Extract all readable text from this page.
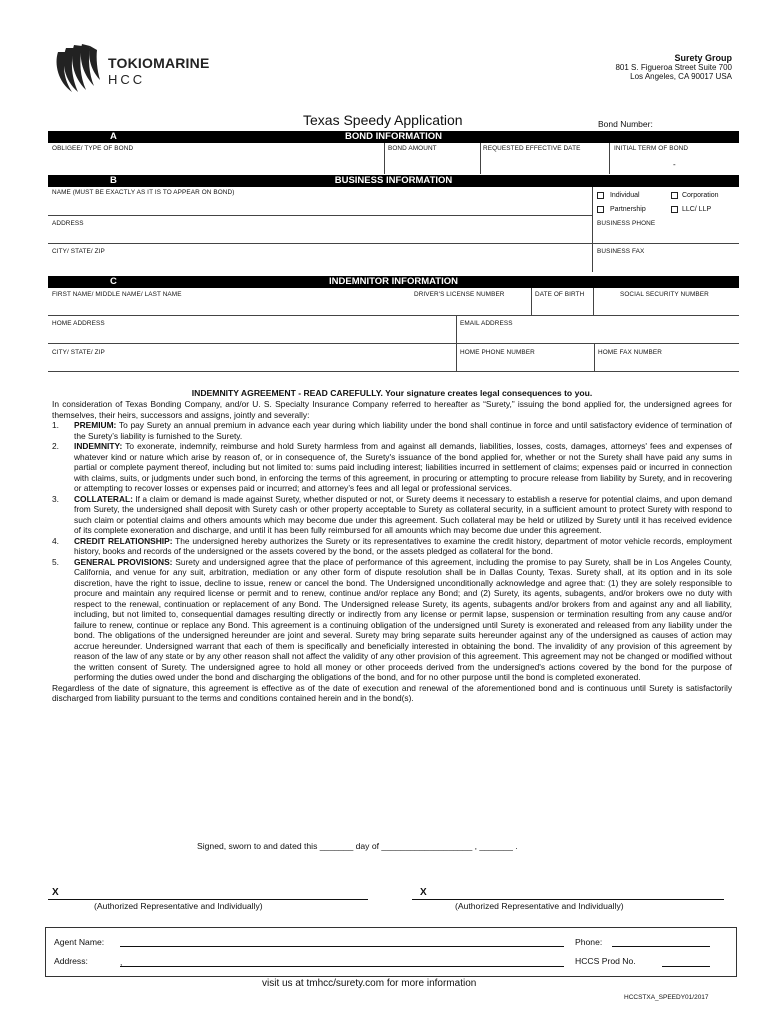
TOKIOMARINE
HCC
Surety Group
801 S. Figueroa Street Suite 700
Los Angeles, CA 90017 USA
Texas Speedy Application	Bond Number:
A	BOND INFORMATION
OBLIGEE/ TYPE OF BOND	BOND AMOUNT	REQUESTED EFFECTIVE DATE	INITIAL TERM OF BOND
-
B	BUSINESS INFORMATION
NAME (MUST BE EXACTLY AS IT IS TO APPEAR ON BOND)	Individual	Corporation
Partnership	LLC/ LLP
ADDRESS	BUSINESS PHONE
CITY/ STATE/ ZIP	BUSINESS FAX
C	INDEMNITOR INFORMATION
FIRST NAME/ MIDDLE NAME/ LAST NAME	DRIVER'S LICENSE NUMBER	DATE OF BIRTH	SOCIAL SECURITY NUMBER
HOME ADDRESS	EMAIL ADDRESS
CITY/ STATE/ ZIP	HOME PHONE NUMBER	HOME FAX NUMBER
INDEMNITY AGREEMENT - READ CAREFULLY. Your signature creates legal consequences to you.
In consideration of Texas Bonding Company, and/or U. S. Specialty Insurance Company referred to hereafter as “Surety,” issuing the bond applied for, the undersigned agrees for themselves, their heirs, successors and assigns, jointly and severally:
1. PREMIUM: To pay Surety an annual premium in advance each year during which liability under the bond shall continue in force and until satisfactory evidence of termination of the Surety’s liability is furnished to the Surety.
2. INDEMNITY: To exonerate, indemnify, reimburse and hold Surety harmless from and against all demands, liabilities, losses, costs, damages, attorneys' fees and expenses of whatever kind or nature which arise by reason of, or in consequence of, the Surety's issuance of the bond applied for, whether or not the Surety shall have paid any sums in partial or complete payment thereof, including but not limited to: sums paid including interest; liabilities incurred in settlement of claims; expenses paid or incurred in connection with claims, suits, or judgments under such bond, in enforcing the terms of this agreement, in procuring or attempting to procure release from liability by Surety, and in recovering or attempting to recover losses or expenses paid or incurred; and attorney’s fees and all legal or professional services.
3. COLLATERAL: If a claim or demand is made against Surety, whether disputed or not, or Surety deems it necessary to establish a reserve for potential claims, and upon demand from Surety, the undersigned shall deposit with Surety cash or other property acceptable to Surety as collateral security, in a sufficient amount to protect Surety with respond to such claim or potential claims and others amounts which may become due under this agreement. Such collateral may be held or utilized by Surety until it has received evidence of its complete exoneration and discharge, and until it has been fully reimbursed for all amounts which may become due under this agreement.
4. CREDIT RELATIONSHIP: The undersigned hereby authorizes the Surety or its representatives to examine the credit history, department of motor vehicle records, employment history, books and records of the undersigned or the assets covered by the bond, or the assets pledged as collateral for the bond.
5. GENERAL PROVISIONS: Surety and undersigned agree that the place of performance of this agreement, including the promise to pay Surety, shall be in Los Angeles County, California, and venue for any suit, arbitration, mediation or any other form of dispute resolution shall be in Dallas County, Texas. Surety shall, at its option and in its sole discretion, have the right to issue, decline to issue, renew or cancel the bond. The Undersigned unconditionally acknowledge and agree that: (1) they are solely responsible to procure and maintain any required license or permit and to renew, continue and/or replace any Bond; and (2) Surety, its agents, subagents, and/or brokers owe no duty with respect to the renewal, continuation or replacement of any Bond. The Undersigned release Surety, its agents, subagents and/or brokers from and against any and all liability, including, but not limited to, consequential damages resulting directly or indirectly from any license or permit lapse, suspension or termination resulting from any cause and/or failure to renew, continue or replace any Bond. This agreement is a continuing obligation of the undersigned until Surety is exonerated and released from any liability under the bond. The obligations of the undersigned hereunder are joint and several. Surety may bring separate suits hereunder against any of the undersigned as causes of action may accrue hereunder. Undersigned warrant that each of them is specifically and beneficially interested in obtaining the bond. The invalidity of any provision of this agreement by reason of the law of any state or by any other reason shall not affect the validity of any other provision of this agreement. This agreement may not be changed or modified without the written consent of Surety. The undersigned agree to hold all money or other proceeds derived from the undersigned's actions covered by the bond for the purpose of performing the duties owed under the bond and discharging the obligations of the bond, and for no other purpose until the bond is completed exonerated.
Regardless of the date of signature, this agreement is effective as of the date of execution and renewal of the aforementioned bond and is continuous until Surety is satisfactorily discharged from liability pursuant to the terms and conditions contained herein and in the bond(s).
Signed, sworn to and dated this _______ day of ___________________ , _______ .
X
(Authorized Representative and Individually)
X
(Authorized Representative and Individually)
Agent Name:	Phone:
Address:	,	HCCS Prod No.
visit us at tmhcc/surety.com for more information
HCCSTXA_SPEEDY01/2017
